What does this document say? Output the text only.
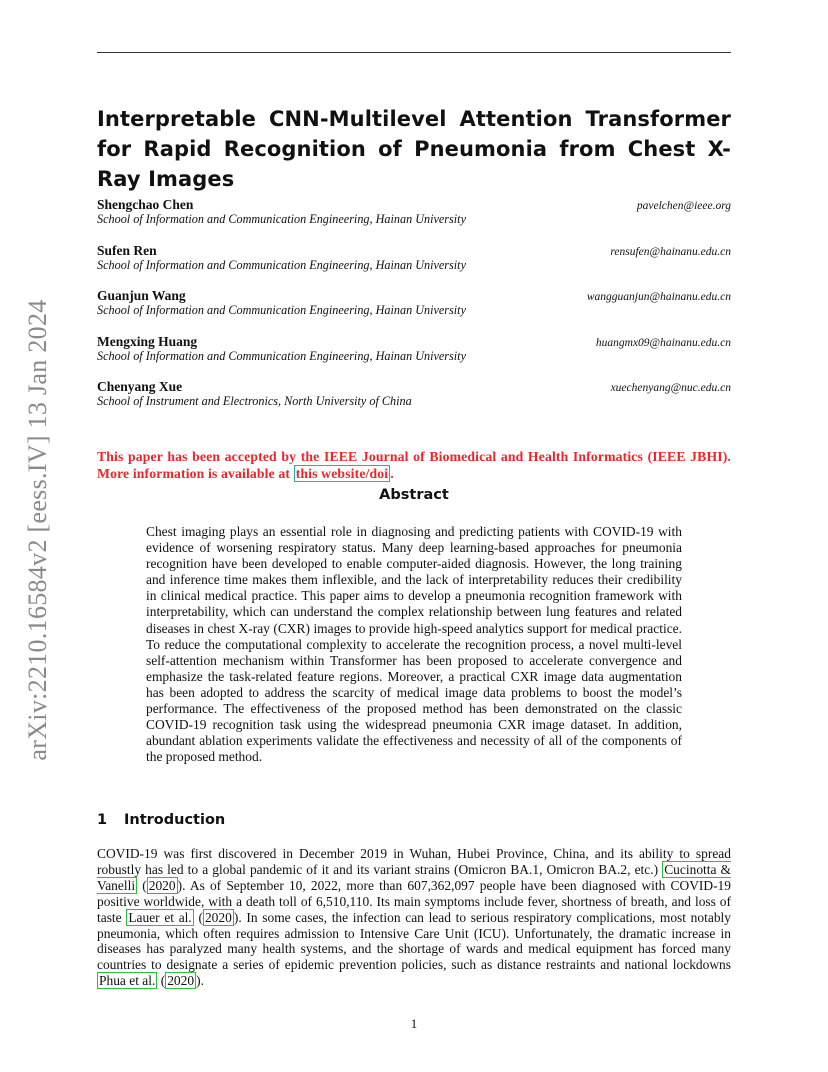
arXiv:2210.16584v2 [eess.IV] 13 Jan 2024
Interpretable CNN-Multilevel Attention Transformer for Rapid Recognition of Pneumonia from Chest X-Ray Images
Shengchao Chen
School of Information and Communication Engineering, Hainan University
pavelchen@ieee.org
Sufen Ren
School of Information and Communication Engineering, Hainan University
rensufen@hainanu.edu.cn
Guanjun Wang
School of Information and Communication Engineering, Hainan University
wangguanjun@hainanu.edu.cn
Mengxing Huang
School of Information and Communication Engineering, Hainan University
huangmx09@hainanu.edu.cn
Chenyang Xue
School of Instrument and Electronics, North University of China
xuechenyang@nuc.edu.cn
This paper has been accepted by the IEEE Journal of Biomedical and Health Informatics (IEEE JBHI). More information is available at this website/doi .
Abstract

Chest imaging plays an essential role in diagnosing and predicting patients with COVID-19 with evidence of worsening respiratory status. Many deep learning-based approaches for pneumonia recognition have been developed to enable computer-aided diagnosis. However, the long training and inference time makes them inflexible, and the lack of interpretability reduces their credibility in clinical medical practice. This paper aims to develop a pneumonia recognition framework with interpretability, which can understand the complex relationship between lung features and related diseases in chest X-ray (CXR) images to provide high-speed analytics support for medical practice. To reduce the computational complexity to accelerate the recognition process, a novel multi-level self-attention mechanism within Transformer has been proposed to accelerate convergence and emphasize the task-related feature regions. Moreover, a practical CXR image data augmentation has been adopted to address the scarcity of medical image data problems to boost the model’s performance. The effectiveness of the proposed method has been demonstrated on the classic COVID-19 recognition task using the widespread pneumonia CXR image dataset. In addition, abundant ablation experiments validate the effectiveness and necessity of all of the components of the proposed method.

1 Introduction

COVID-19 was first discovered in December 2019 in Wuhan, Hubei Province, China, and its ability to spread robustly has led to a global pandemic of it and its variant strains (Omicron BA.1, Omicron BA.2, etc.) Cucinotta & Vanelli ( 2020 ). As of September 10, 2022, more than 607,362,097 people have been diagnosed with COVID-19 positive worldwide, with a death toll of 6,510,110. Its main symptoms include fever, shortness of breath, and loss of taste Lauer et al. ( 2020 ). In some cases, the infection can lead to serious respiratory complications, most notably pneumonia, which often requires admission to Intensive Care Unit (ICU). Unfortunately, the dramatic increase in diseases has paralyzed many health systems, and the shortage of wards and medical equipment has forced many countries to designate a series of epidemic prevention policies, such as distance restraints and national lockdowns Phua et al. ( 2020 ).

1
